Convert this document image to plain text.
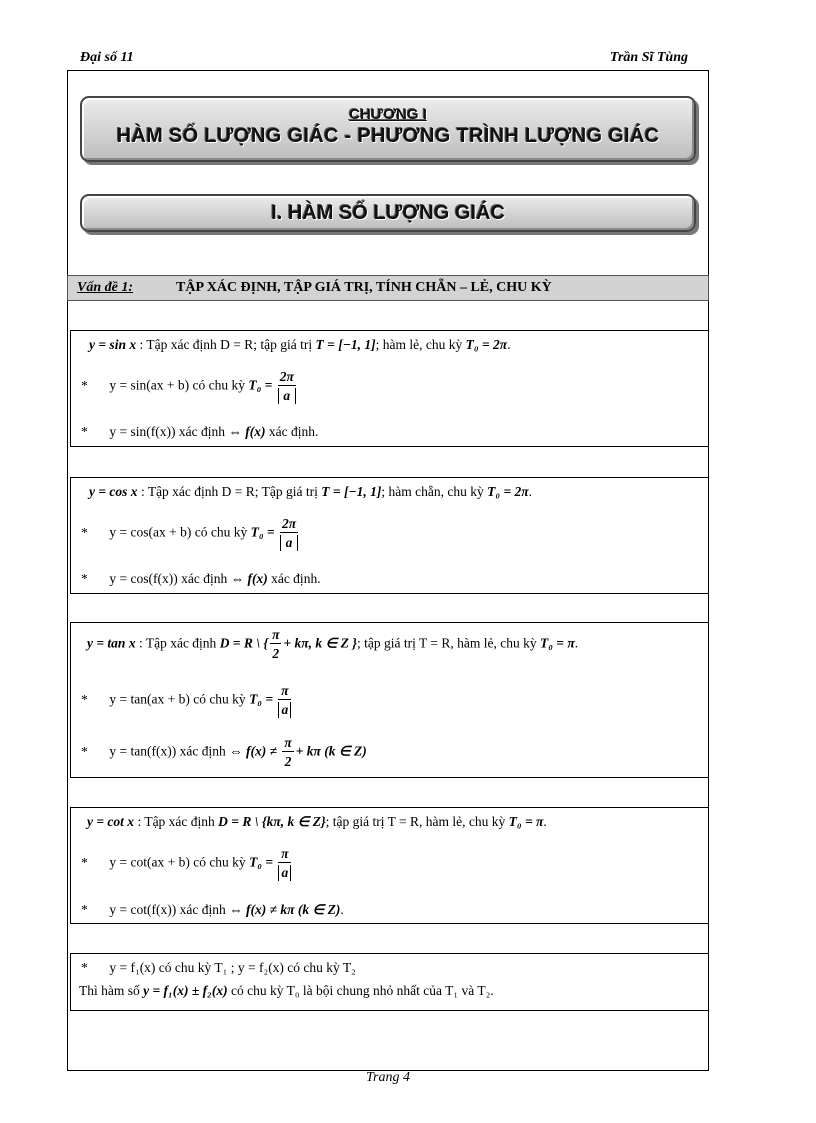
Đại số 11	Trần Sĩ Tùng
CHƯƠNG I
HÀM SỐ LƯỢNG GIÁC - PHƯƠNG TRÌNH LƯỢNG GIÁC
I. HÀM SỐ LƯỢNG GIÁC
Vấn đề 1:	TẬP XÁC ĐỊNH, TẬP GIÁ TRỊ, TÍNH CHẴN – LẺ, CHU KỲ
y = sin x : Tập xác định D = R; tập giá trị T = [−1, 1]; hàm lẻ, chu kỳ T₀ = 2π.
* y = sin(ax + b) có chu kỳ $T_0 = \frac{2\pi}{a}$
* y = sin(f(x)) xác định ⇔ f(x) xác định.
y = cos x : Tập xác định D = R; Tập giá trị T = [−1, 1]; hàm chẵn, chu kỳ T₀ = 2π.
* y = cos(ax + b) có chu kỳ $T_0 = \frac{2\pi}{a}$
* y = cos(f(x)) xác định ⇔ f(x) xác định.
y = tan x : Tập xác định D = R \ { $\frac{\pi}{2} + k\pi$, k ∈ Z }; tập giá trị T = R, hàm lẻ, chu kỳ T₀ = π.
* y = tan(ax + b) có chu kỳ $T_0 = \frac{\pi}{a}$
* y = tan(f(x)) xác định ⇔ $f(x) \ne \frac{\pi}{2} + k\pi$ (k ∈ Z)
y = cot x : Tập xác định D = R \ {kπ, k ∈ Z}; tập giá trị T = R, hàm lẻ, chu kỳ T₀ = π.
* y = cot(ax + b) có chu kỳ $T_0 = \frac{\pi}{a}$
* y = cot(f(x)) xác định ⇔ f(x) ≠ kπ (k ∈ Z).
* y = f₁(x) có chu kỳ T₁ ; y = f₂(x) có chu kỳ T₂
Thì hàm số y = f₁(x) ± f₂(x) có chu kỳ T₀ là bội chung nhỏ nhất của T₁ và T₂.
Trang 4
